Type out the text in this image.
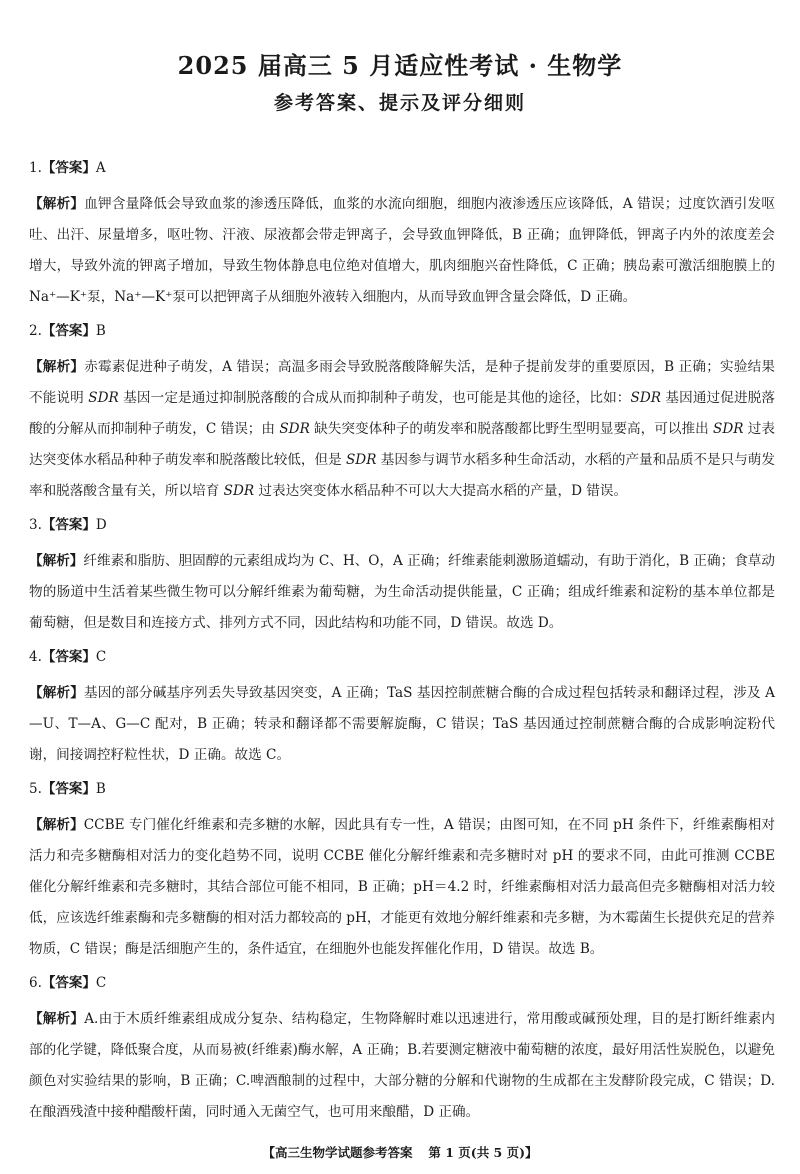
2025 届高三 5 月适应性考试 · 生物学
参考答案、提示及评分细则
1.【答案】A

【解析】血钾含量降低会导致血浆的渗透压降低，血浆的水流向细胞，细胞内液渗透压应该降低，A 错误；过度饮酒引发呕吐、出汗、尿量增多，呕吐物、汗液、尿液都会带走钾离子，会导致血钾降低，B 正确；血钾降低，钾离子内外的浓度差会增大，导致外流的钾离子增加，导致生物体静息电位绝对值增大，肌肉细胞兴奋性降低，C 正确；胰岛素可激活细胞膜上的 Na⁺—K⁺泵，Na⁺—K⁺泵可以把钾离子从细胞外液转入细胞内，从而导致血钾含量会降低，D 正确。

2.【答案】B

【解析】赤霉素促进种子萌发，A 错误；高温多雨会导致脱落酸降解失活，是种子提前发芽的重要原因，B 正确；实验结果不能说明 SDR 基因一定是通过抑制脱落酸的合成从而抑制种子萌发，也可能是其他的途径，比如：SDR 基因通过促进脱落酸的分解从而抑制种子萌发，C 错误；由 SDR 缺失突变体种子的萌发率和脱落酸都比野生型明显要高，可以推出 SDR 过表达突变体水稻品种种子萌发率和脱落酸比较低，但是 SDR 基因参与调节水稻多种生命活动，水稻的产量和品质不是只与萌发率和脱落酸含量有关，所以培育 SDR 过表达突变体水稻品种不可以大大提高水稻的产量，D 错误。

3.【答案】D

【解析】纤维素和脂肪、胆固醇的元素组成均为 C、H、O，A 正确；纤维素能刺激肠道蠕动，有助于消化，B 正确；食草动物的肠道中生活着某些微生物可以分解纤维素为葡萄糖，为生命活动提供能量，C 正确；组成纤维素和淀粉的基本单位都是葡萄糖，但是数目和连接方式、排列方式不同，因此结构和功能不同，D 错误。故选 D。

4.【答案】C

【解析】基因的部分碱基序列丢失导致基因突变，A 正确；TaS 基因控制蔗糖合酶的合成过程包括转录和翻译过程，涉及 A—U、T—A、G—C 配对，B 正确；转录和翻译都不需要解旋酶，C 错误；TaS 基因通过控制蔗糖合酶的合成影响淀粉代谢，间接调控籽粒性状，D 正确。故选 C。

5.【答案】B

【解析】CCBE 专门催化纤维素和壳多糖的水解，因此具有专一性，A 错误；由图可知，在不同 pH 条件下，纤维素酶相对活力和壳多糖酶相对活力的变化趋势不同，说明 CCBE 催化分解纤维素和壳多糖时对 pH 的要求不同，由此可推测 CCBE 催化分解纤维素和壳多糖时，其结合部位可能不相同，B 正确；pH＝4.2 时，纤维素酶相对活力最高但壳多糖酶相对活力较低，应该选纤维素酶和壳多糖酶的相对活力都较高的 pH，才能更有效地分解纤维素和壳多糖，为木霉菌生长提供充足的营养物质，C 错误；酶是活细胞产生的，条件适宜，在细胞外也能发挥催化作用，D 错误。故选 B。

6.【答案】C

【解析】A.由于木质纤维素组成成分复杂、结构稳定，生物降解时难以迅速进行，常用酸或碱预处理，目的是打断纤维素内部的化学键，降低聚合度，从而易被(纤维素)酶水解，A 正确；B.若要测定糖液中葡萄糖的浓度，最好用活性炭脱色，以避免颜色对实验结果的影响，B 正确；C.啤酒酿制的过程中，大部分糖的分解和代谢物的生成都在主发酵阶段完成，C 错误；D.在酿酒残渣中接种醋酸杆菌，同时通入无菌空气，也可用来酿醋，D 正确。

【高三生物学试题参考答案 第 1 页(共 5 页)】
